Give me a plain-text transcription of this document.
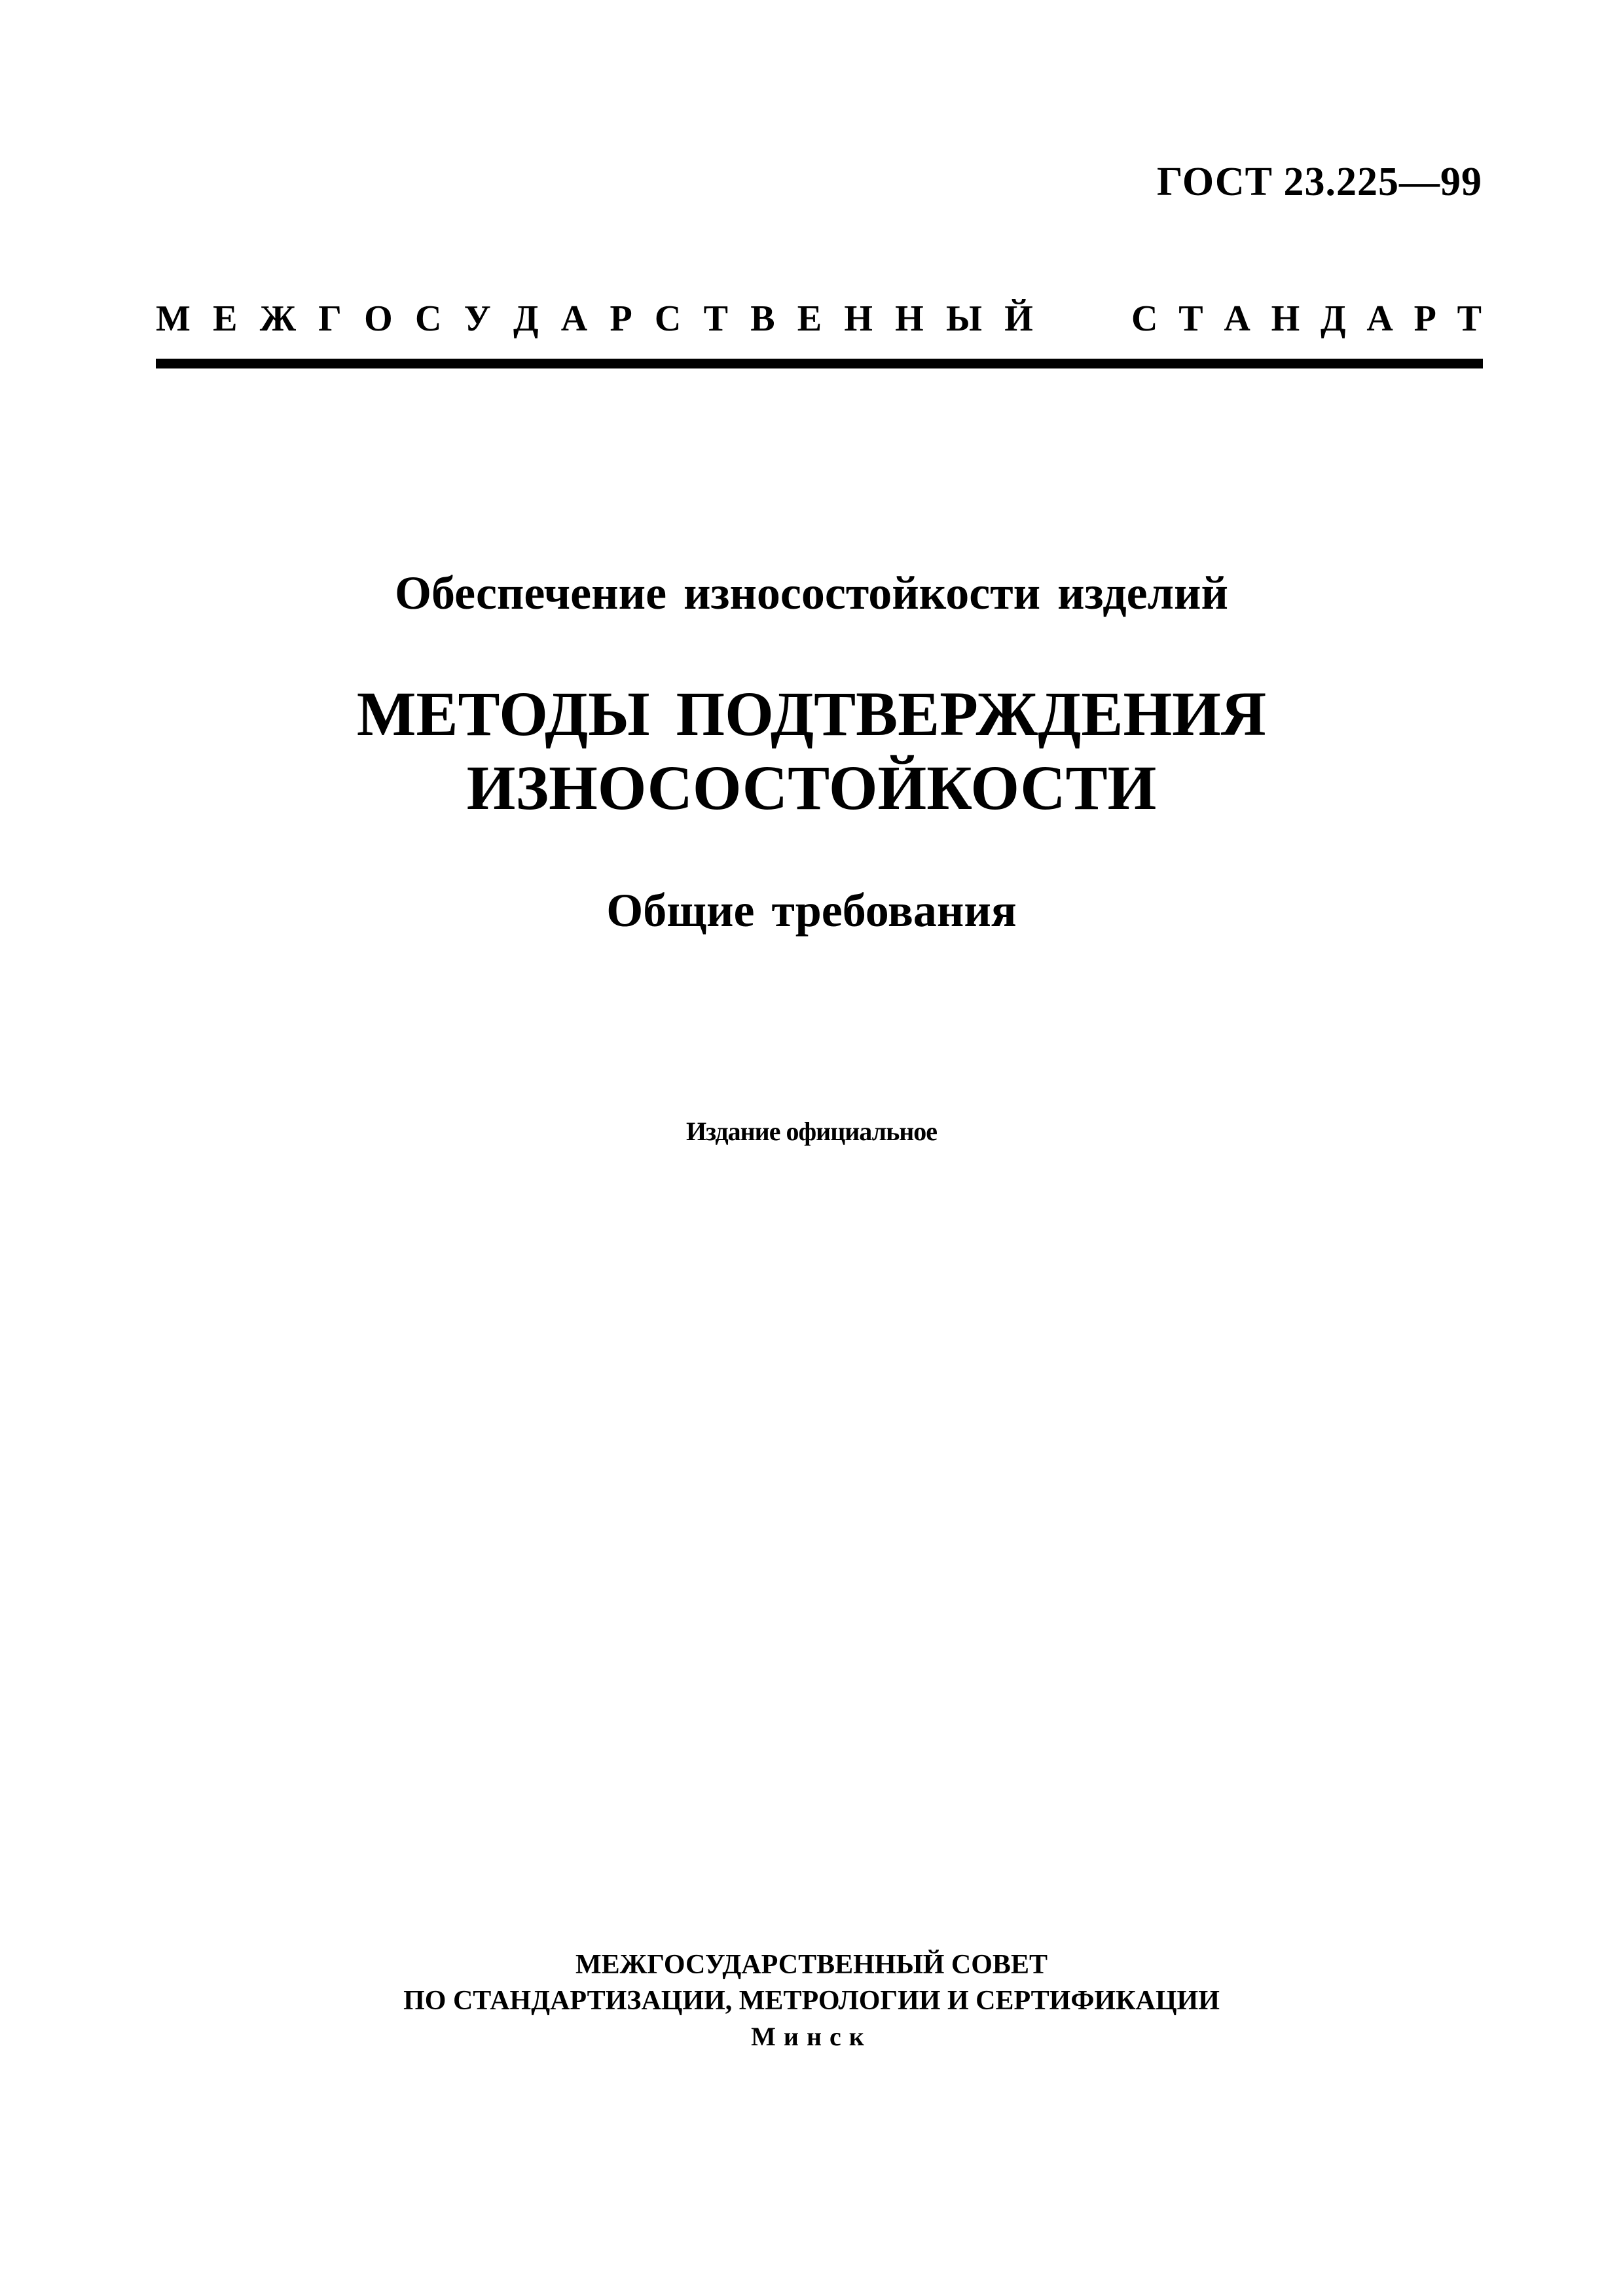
ГОСТ 23.225—99
М Е Ж Г О С У Д А Р С Т В Е Н Н Ы Й	С Т А Н Д А Р Т
Обеспечение износостойкости изделий
МЕТОДЫ ПОДТВЕРЖДЕНИЯ
ИЗНОСОСТОЙКОСТИ
Общие требования
Издание официальное
МЕЖГОСУДАРСТВЕННЫЙ СОВЕТ
ПО СТАНДАРТИЗАЦИИ, МЕТРОЛОГИИ И СЕРТИФИКАЦИИ
Минск
